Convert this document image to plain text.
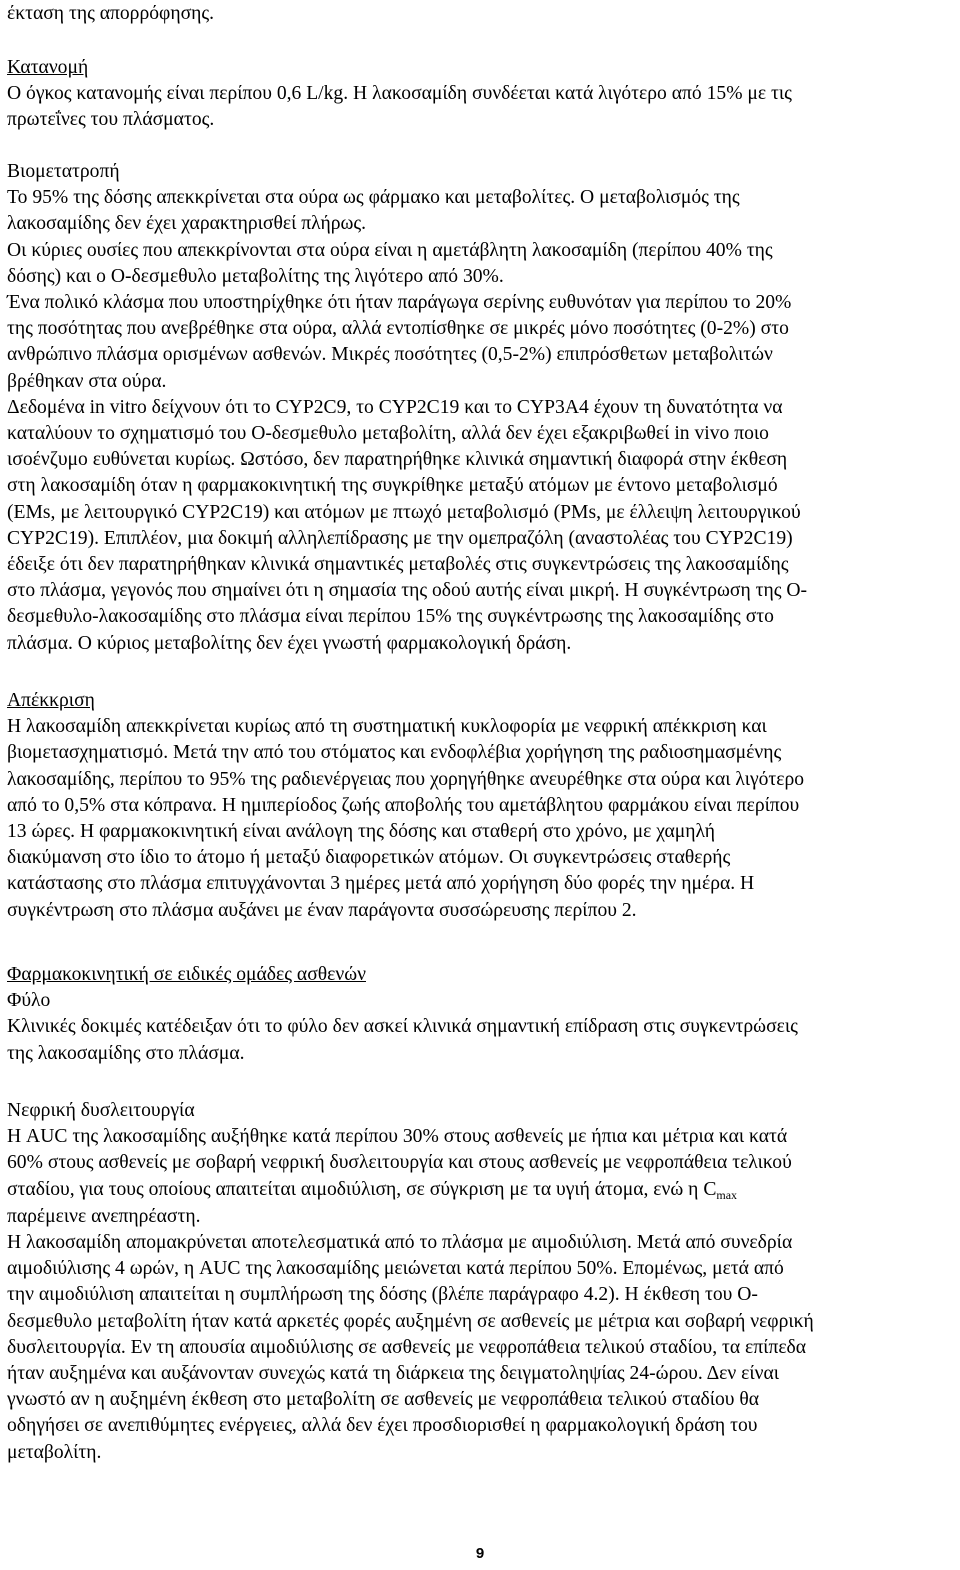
έκταση της απορρόφησης.
Κατανομή
Ο όγκος κατανομής είναι περίπου 0,6 L/kg. Η λακοσαμίδη συνδέεται κατά λιγότερο από 15% με τις
πρωτεΐνες του πλάσματος.
Βιομετατροπή
Το 95% της δόσης απεκκρίνεται στα ούρα ως φάρμακο και μεταβολίτες. Ο μεταβολισμός της
λακοσαμίδης δεν έχει χαρακτηρισθεί πλήρως.
Οι κύριες ουσίες που απεκκρίνονται στα ούρα είναι η αμετάβλητη λακοσαμίδη (περίπου 40% της
δόσης) και ο Ο-δεσμεθυλο μεταβολίτης της λιγότερο από 30%.
Ένα πολικό κλάσμα που υποστηρίχθηκε ότι ήταν παράγωγα σερίνης ευθυνόταν για περίπου το 20%
της ποσότητας που ανεβρέθηκε στα ούρα, αλλά εντοπίσθηκε σε μικρές μόνο ποσότητες (0-2%) στο
ανθρώπινο πλάσμα ορισμένων ασθενών. Μικρές ποσότητες (0,5-2%) επιπρόσθετων μεταβολιτών
βρέθηκαν στα ούρα.
Δεδομένα in vitro δείχνουν ότι το CYP2C9, το CYP2C19 και το CYP3A4 έχουν τη δυνατότητα να
καταλύουν το σχηματισμό του Ο-δεσμεθυλο μεταβολίτη, αλλά δεν έχει εξακριβωθεί in vivo ποιο
ισοένζυμο ευθύνεται κυρίως. Ωστόσο, δεν παρατηρήθηκε κλινικά σημαντική διαφορά στην έκθεση
στη λακοσαμίδη όταν η φαρμακοκινητική της συγκρίθηκε μεταξύ ατόμων με έντονο μεταβολισμό
(EMs, με λειτουργικό CYP2C19) και ατόμων με πτωχό μεταβολισμό (PMs, με έλλειψη λειτουργικού
CYP2C19). Επιπλέον, μια δοκιμή αλληλεπίδρασης με την ομεπραζόλη (αναστολέας του CYP2C19)
έδειξε ότι δεν παρατηρήθηκαν κλινικά σημαντικές μεταβολές στις συγκεντρώσεις της λακοσαμίδης
στο πλάσμα, γεγονός που σημαίνει ότι η σημασία της οδού αυτής είναι μικρή. Η συγκέντρωση της Ο-
δεσμεθυλο-λακοσαμίδης στο πλάσμα είναι περίπου 15% της συγκέντρωσης της λακοσαμίδης στο
πλάσμα. Ο κύριος μεταβολίτης δεν έχει γνωστή φαρμακολογική δράση.
Απέκκριση
Η λακοσαμίδη απεκκρίνεται κυρίως από τη συστηματική κυκλοφορία με νεφρική απέκκριση και
βιομετασχηματισμό. Μετά την από του στόματος και ενδοφλέβια χορήγηση της ραδιοσημασμένης
λακοσαμίδης, περίπου το 95% της ραδιενέργειας που χορηγήθηκε ανευρέθηκε στα ούρα και λιγότερο
από το 0,5% στα κόπρανα. Η ημιπερίοδος ζωής αποβολής του αμετάβλητου φαρμάκου είναι περίπου
13 ώρες. Η φαρμακοκινητική είναι ανάλογη της δόσης και σταθερή στο χρόνο, με χαμηλή
διακύμανση στο ίδιο το άτομο ή μεταξύ διαφορετικών ατόμων. Οι συγκεντρώσεις σταθερής
κατάστασης στο πλάσμα επιτυγχάνονται 3 ημέρες μετά από χορήγηση δύο φορές την ημέρα. Η
συγκέντρωση στο πλάσμα αυξάνει με έναν παράγοντα συσσώρευσης περίπου 2.
Φαρμακοκινητική σε ειδικές ομάδες ασθενών
Φύλο
Κλινικές δοκιμές κατέδειξαν ότι το φύλο δεν ασκεί κλινικά σημαντική επίδραση στις συγκεντρώσεις
της λακοσαμίδης στο πλάσμα.
Νεφρική δυσλειτουργία
Η AUC της λακοσαμίδης αυξήθηκε κατά περίπου 30% στους ασθενείς με ήπια και μέτρια και κατά
60% στους ασθενείς με σοβαρή νεφρική δυσλειτουργία και στους ασθενείς με νεφροπάθεια τελικού
σταδίου, για τους οποίους απαιτείται αιμοδιύλιση, σε σύγκριση με τα υγιή άτομα, ενώ η $C_{max}$
παρέμεινε ανεπηρέαστη.
Η λακοσαμίδη απομακρύνεται αποτελεσματικά από το πλάσμα με αιμοδιύλιση. Μετά από συνεδρία
αιμοδιύλισης 4 ωρών, η AUC της λακοσαμίδης μειώνεται κατά περίπου 50%. Επομένως, μετά από
την αιμοδιύλιση απαιτείται η συμπλήρωση της δόσης (βλέπε παράγραφο 4.2). Η έκθεση του Ο-
δεσμεθυλο μεταβολίτη ήταν κατά αρκετές φορές αυξημένη σε ασθενείς με μέτρια και σοβαρή νεφρική
δυσλειτουργία. Εν τη απουσία αιμοδιύλισης σε ασθενείς με νεφροπάθεια τελικού σταδίου, τα επίπεδα
ήταν αυξημένα και αυξάνονταν συνεχώς κατά τη διάρκεια της δειγματοληψίας 24-ώρου. Δεν είναι
γνωστό αν η αυξημένη έκθεση στο μεταβολίτη σε ασθενείς με νεφροπάθεια τελικού σταδίου θα
οδηγήσει σε ανεπιθύμητες ενέργειες, αλλά δεν έχει προσδιορισθεί η φαρμακολογική δράση του
μεταβολίτη.
9
